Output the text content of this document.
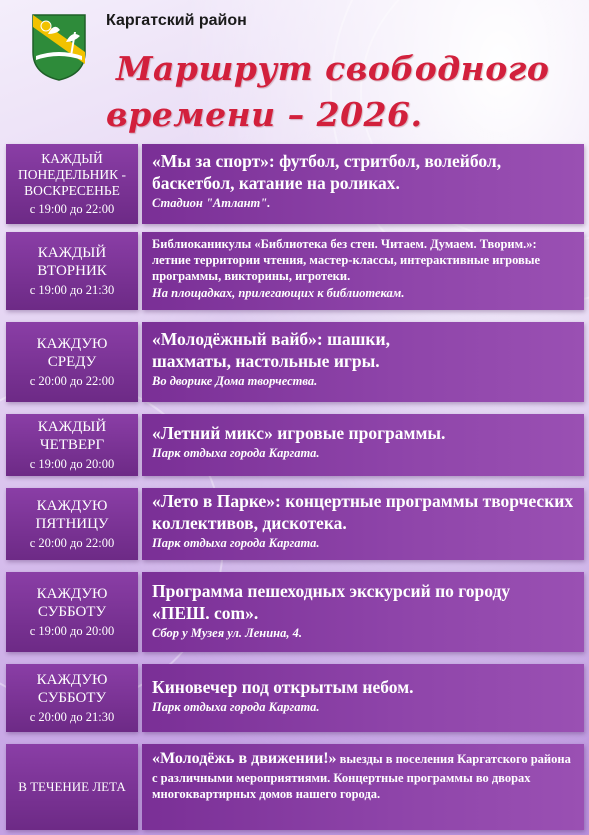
Каргатский район
Маршрут свободного
времени – 2026.
КАЖДЫЙ
ПОНЕДЕЛЬНИК -
ВОСКРЕСЕНЬЕ
с 19:00 до 22:00
«Мы за спорт»: футбол, стритбол, волейбол, баскетбол, катание на роликах.
Стадион "Атлант".
КАЖДЫЙ
ВТОРНИК
с 19:00 до 21:30
Библиоканикулы «Библиотека без стен. Читаем. Думаем. Творим.»: летние территории чтения, мастер-классы, интерактивные игровые программы, викторины, игротеки.
На площадках, прилегающих к библиотекам.
КАЖДУЮ
СРЕДУ
с 20:00 до 22:00
«Молодёжный вайб»: шашки, шахматы, настольные игры.
Во дворике Дома творчества.
КАЖДЫЙ
ЧЕТВЕРГ
с 19:00 до 20:00
«Летний микс» игровые программы.
Парк отдыха города Каргата.
КАЖДУЮ
ПЯТНИЦУ
с 20:00 до 22:00
«Лето в Парке»: концертные программы творческих коллективов, дискотека.
Парк отдыха города Каргата.
КАЖДУЮ
СУББОТУ
с 19:00 до 20:00
Программа пешеходных экскурсий по городу «ПЕШ. com».
Сбор у Музея ул. Ленина, 4.
КАЖДУЮ
СУББОТУ
с 20:00 до 21:30
Киновечер под открытым небом.
Парк отдыха города Каргата.
В ТЕЧЕНИЕ ЛЕТА
«Молодёжь в движении!» выезды в поселения Каргатского района с различными мероприятиями. Концертные программы во дворах многоквартирных домов нашего города.
